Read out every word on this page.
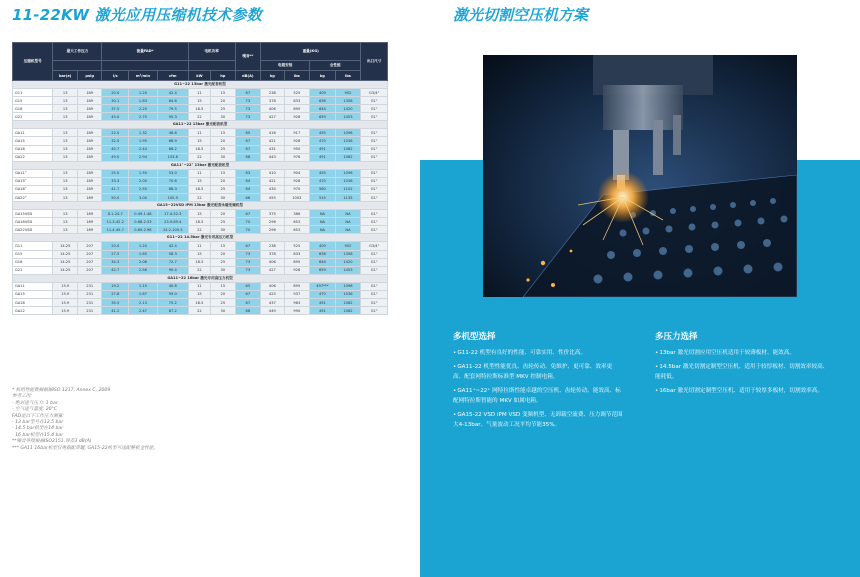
11-22KW 激光应用压缩机技术参数
压缩机型号	最大工作压力		流量FAD*			电机功率		噪音**	重量(KG)				出口尺寸
									电箱安装		全性能		
	bar(e)	psig	l/s	m³/min	cfm	kW	hp	dB(A)	kg	lbs	kg	lbs	
G11~22 13bar 激光配套机型													
G11	13	189	20.0	1.20	42.4	11	15	67	238	525	409	902	G3/4"
G15	13	189	30.1	1.83	64.6	15	20	73	378	833	636	1358	G1"
G18	13	189	37.5	2.25	79.5	18.5	25	73	406	895	644	1420	G1"
G22	13	189	45.0	2.70	95.3	22	30	73	427	928	659	1453	G1"
GA11~22 13bar 激光配套机型													
GA11	13	189	22.0	1.32	46.6	11	15	65	416	917	455	1096	G1"
GA15	13	189	32.5	1.95	68.9	15	20	67	421	928	470	1036	G1"
GA18	13	189	40.7	2.44	86.2	18.5	25	67	431	950	491	1082	G1"
GA22	13	189	49.0	2.94	103.8	22	30	68	443	976	491	1082	G1"
GA11⁺~22⁺ 13bar 激光配套机型													
GA11⁺	13	189	25.0	1.50	53.0	11	15	63	410	904	455	1096	G1"
GA15⁺	13	189	33.3	2.00	70.6	15	20	64	421	928	470	1036	G1"
GA18⁺	13	189	41.7	2.50	88.3	18.5	25	64	434	970	580	1102	G1"
GA22⁺	13	189	50.0	3.00	105.9	22	30	66	455	1003	515	1135	G1"
GA15~22VSD iPM 13bar 激光配套永磁变频机型													
GA15VSD	13	189	8.1-24.7	0.49-1.48	17.4-52.3	15	20	67	375	386	NA	NA	G1"
GA18VSD	13	189	11.3-42.2	0.68-2.53	23.9-89.4	18.5	25	70	296	653	NA	NA	G1"
GA22VSD	13	189	11.4-49.7	0.69-2.98	24.2-105.3	22	30	70	296	653	NA	NA	G1"
G11~22 14.5bar 激光专用高压力机型													
G11	14.25	207	20.0	1.20	42.4	11	15	67	238	525	409	902	G3/4"
G15	14.25	207	27.5	1.65	58.3	15	20	73	378	833	636	1358	G1"
G18	14.25	207	34.3	2.06	72.7	18.5	25	73	406	895	644	1420	G1"
G22	14.25	207	42.7	2.56	90.4	22	30	73	427	928	659	1453	G1"
GA11~22 16bar 激光专用高压力机型													
GA11	15.9	231	19.2	1.15	40.6	11	15	65	406	895	497***	1096	G1"
GA15	15.9	231	27.8	1.67	59.0	15	20	67	425	937	470	1036	G1"
GA18	15.9	231	35.5	2.13	75.2	18.5	25	67	437	963	491	1082	G1"
GA22	15.9	231	41.2	2.47	87.2	22	30	68	449	990	491	1082	G1"
* 机组性能数据根据ISO 1217, Annex C, 2009
参考工况:
- 绝对进气压力: 1 bar
- 空气进气温度: 20°C
FAD是以下工作压力测量:
- 13 bar型号在12.5 bar
- 14.5 bar机型在14 bar
- 16 bar机型在15.4 bar
**噪音等级根据ISO2151,误差3 dB(A)
*** GA11 16bar机型仅电箱配带罐, GA15-22机型可选配整机全性能。
激光切割空压机方案
多机型选择
• G11-22 机型有良好的性能、可靠实用、性价比高。
• GA11-22 机型性能优良、齿轮传动、免维护、更可靠、效率更高、配套网特拉斯标准型 MKV 控制电箱。
• GA11⁺~22⁺ 网特拉斯性能卓越的空压机、齿轮传动、能效高、标配网特拉斯智能的 MKV 如属电箱。
• GA15-22 VSD iPM VSD 变频机型、无卸载空流费、压力调节范围大4-13bar、气量波动工况平均节能35%。
多压力选择
• 13bar 激光切割应用空压机适用于较薄板材、能效高。
• 14.5bar 激光切割定制型空压机、适用于较厚板材、切割效率较高、能耗低。
• 16bar 激光切割定制型空压机、适用于较厚多板材，切割效率高。
